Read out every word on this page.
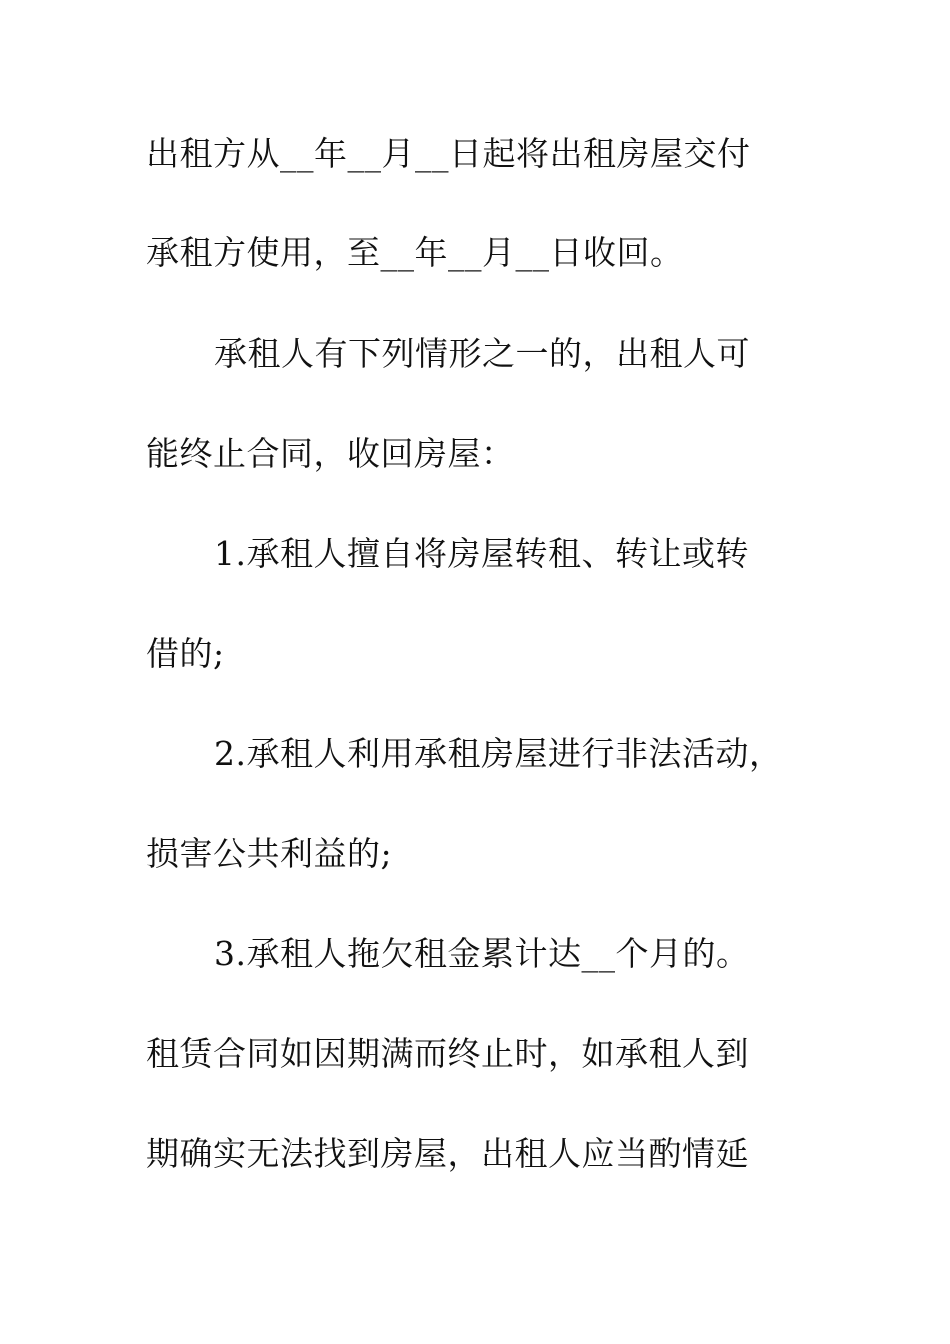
出租方从__年__月__日起将出租房屋交付
承租方使用，至__年__月__日收回。
承租人有下列情形之一的，出租人可
能终止合同，收回房屋：
1.承租人擅自将房屋转租、转让或转
借的;
2.承租人利用承租房屋进行非法活动，
损害公共利益的;
3.承租人拖欠租金累计达__个月的。
租赁合同如因期满而终止时，如承租人到
期确实无法找到房屋，出租人应当酌情延
